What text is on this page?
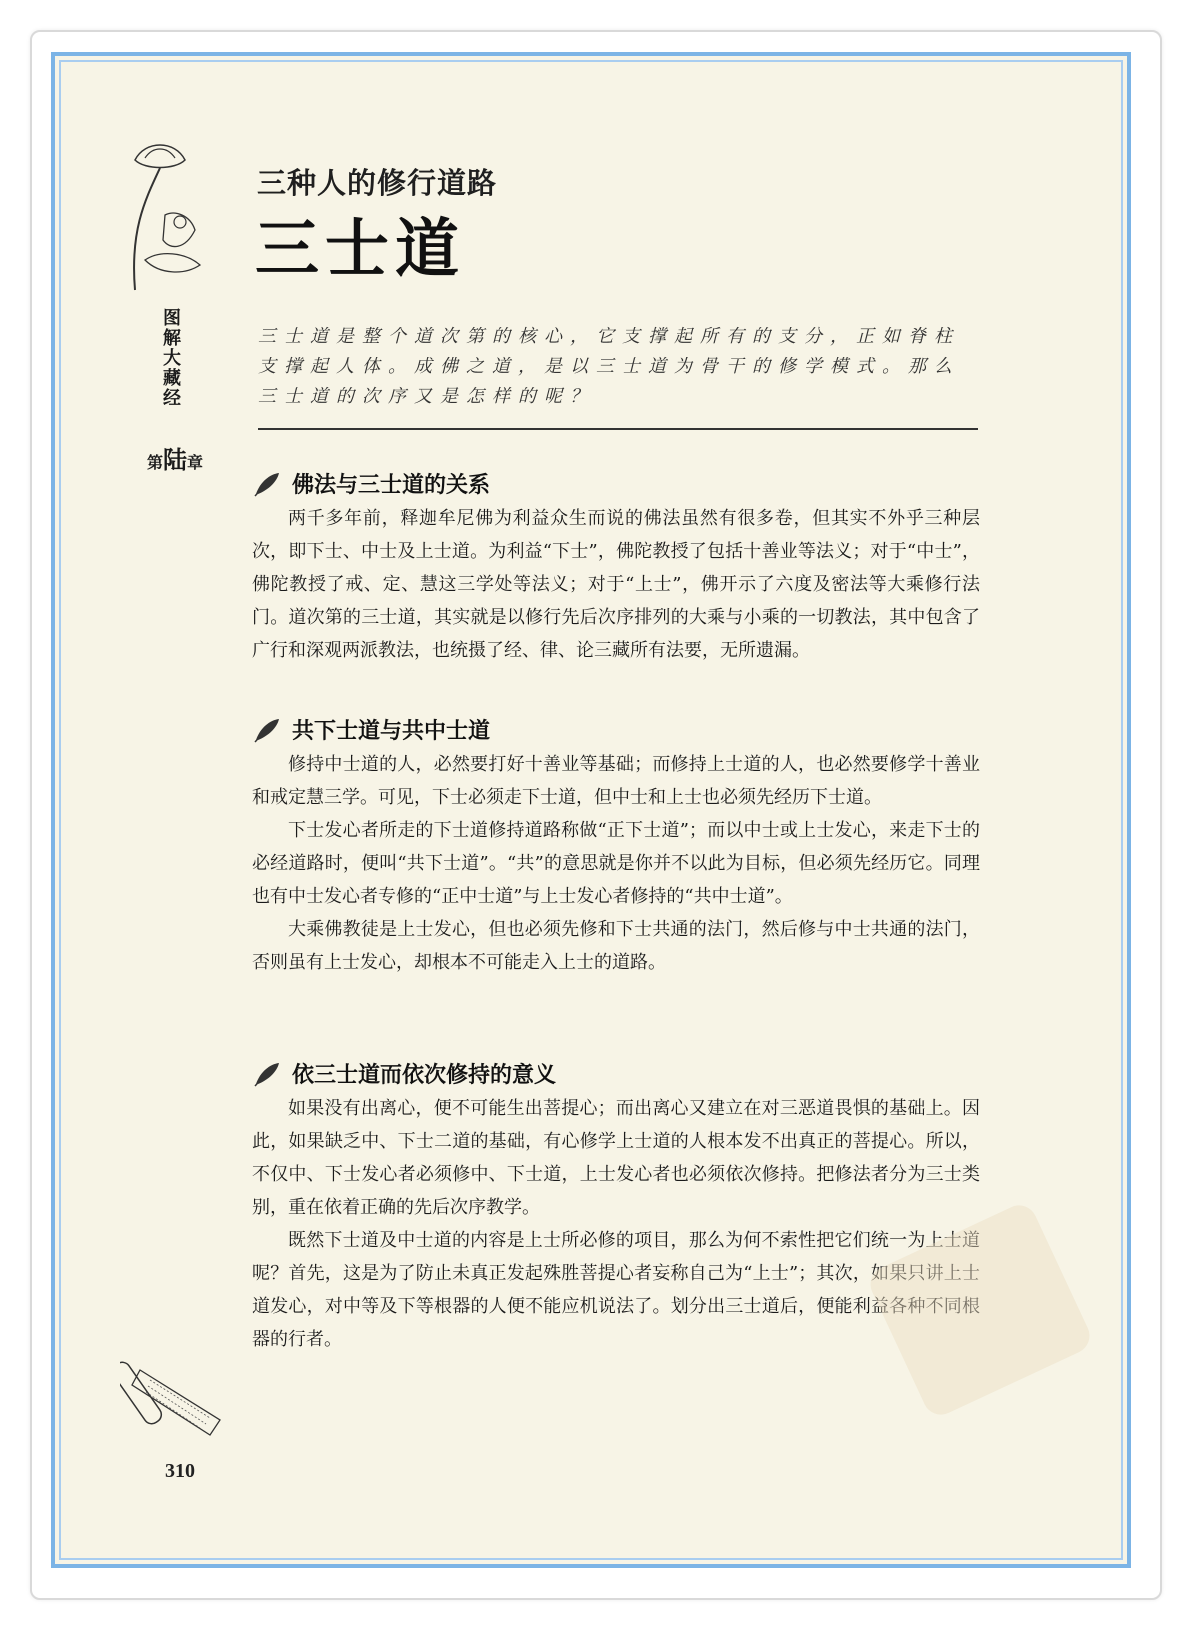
图解
大藏经
第陆章
三种人的修行道路
三士道
三士道是整个道次第的核心，它支撑起所有的支分，正如脊柱支撑起人体。成佛之道，是以三士道为骨干的修学模式。那么三士道的次序又是怎样的呢？
佛法与三士道的关系

两千多年前，释迦牟尼佛为利益众生而说的佛法虽然有很多卷，但其实不外乎三种层次，即下士、中士及上士道。为利益“下士”，佛陀教授了包括十善业等法义；对于“中士”，佛陀教授了戒、定、慧这三学处等法义；对于“上士”，佛开示了六度及密法等大乘修行法门。道次第的三士道，其实就是以修行先后次序排列的大乘与小乘的一切教法，其中包含了广行和深观两派教法，也统摄了经、律、论三藏所有法要，无所遗漏。

共下士道与共中士道

修持中士道的人，必然要打好十善业等基础；而修持上士道的人，也必然要修学十善业和戒定慧三学。可见，下士必须走下士道，但中士和上士也必须先经历下士道。

下士发心者所走的下士道修持道路称做“正下士道”；而以中士或上士发心，来走下士的必经道路时，便叫“共下士道”。“共”的意思就是你并不以此为目标，但必须先经历它。同理也有中士发心者专修的“正中士道”与上士发心者修持的“共中士道”。

大乘佛教徒是上士发心，但也必须先修和下士共通的法门，然后修与中士共通的法门，否则虽有上士发心，却根本不可能走入上士的道路。

依三士道而依次修持的意义

如果没有出离心，便不可能生出菩提心；而出离心又建立在对三恶道畏惧的基础上。因此，如果缺乏中、下士二道的基础，有心修学上士道的人根本发不出真正的菩提心。所以，不仅中、下士发心者必须修中、下士道，上士发心者也必须依次修持。把修法者分为三士类别，重在依着正确的先后次序教学。

既然下士道及中士道的内容是上士所必修的项目，那么为何不索性把它们统一为上士道呢？首先，这是为了防止未真正发起殊胜菩提心者妄称自己为“上士”；其次，如果只讲上士道发心，对中等及下等根器的人便不能应机说法了。划分出三士道后，便能利益各种不同根器的行者。

310
